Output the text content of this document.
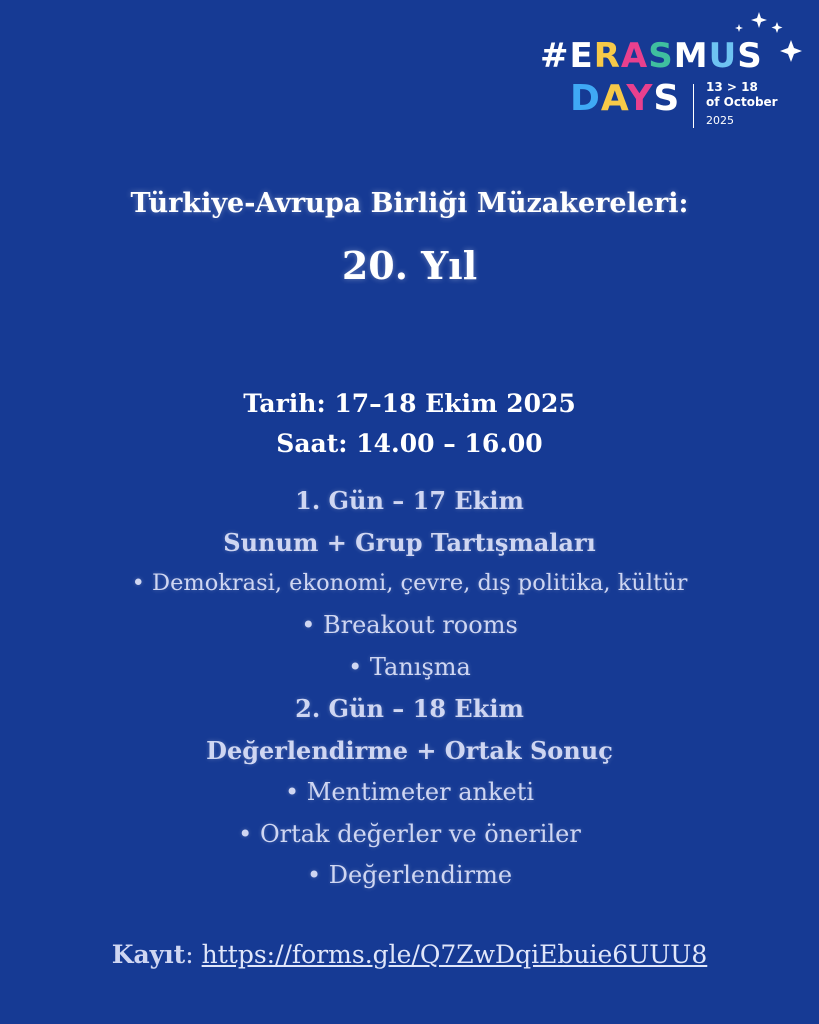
#ERASMUS
DAYS 13 > 18
of October
2025
Türkiye-Avrupa Birliği Müzakereleri:
20. Yıl
Tarih: 17–18 Ekim 2025
Saat: 14.00 – 16.00
1. Gün – 17 Ekim
Sunum + Grup Tartışmaları
• Demokrasi, ekonomi, çevre, dış politika, kültür
• Breakout rooms
• Tanışma
2. Gün – 18 Ekim
Değerlendirme + Ortak Sonuç
• Mentimeter anketi
• Ortak değerler ve öneriler
• Değerlendirme
Kayıt: https://forms.gle/Q7ZwDqiEbuie6UUU8
